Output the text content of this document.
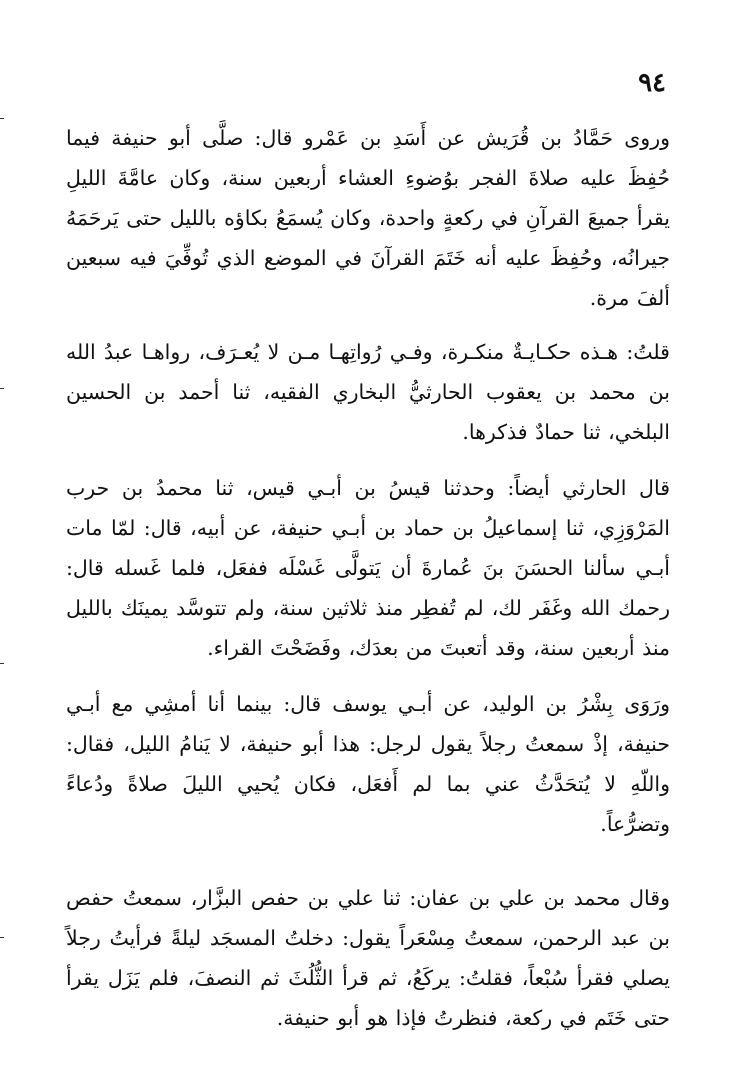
٩٤

وروى حَمَّادُ بن قُرَيش عن أَسَدِ بن عَمْرو قال: صلَّى أبو حنيفة فيما حُفِظَ عليه صلاةَ الفجر بوُضوءِ العشاء أربعين سنة، وكان عامَّةَ الليلِ يقرأ جميعَ القرآنِ في ركعةٍ واحدة، وكان يُسمَعُ بكاؤه بالليل حتى يَرحَمَهُ جيرانُه، وحُفِظَ عليه أنه خَتَمَ القرآنَ في الموضع الذي تُوفِّيَ فيه سبعين ألفَ مرة.

قلتُ: هـذه حكـايـةٌ منكـرة، وفـي رُواتِهـا مـن لا يُعـرَف، رواهـا عبدُ الله بن محمد بن يعقوب الحارثيُّ البخاري الفقيه، ثنا أحمد بن الحسين البلخي، ثنا حمادٌ فذكرها.

قال الحارثي أيضاً: وحدثنا قيسُ بن أبـي قيس، ثنا محمدُ بن حرب المَرْوَزِي، ثنا إسماعيلُ بن حماد بن أبـي حنيفة، عن أبيه، قال: لمّا مات أبـي سألنا الحسَنَ بنَ عُمارةَ أن يَتولَّى غَسْلَه ففعَل، فلما غَسله قال: رحمك الله وغَفَر لك، لم تُفطِر منذ ثلاثين سنة، ولم تتوسَّد يمينَك بالليل منذ أربعين سنة، وقد أتعبتَ من بعدَك، وفَضَحْتَ القراء.

ورَوَى بِشْرُ بن الوليد، عن أبـي يوسف قال: بينما أنا أمشِي مع أبـي حنيفة، إذْ سمعتُ رجلاً يقول لرجل: هذا أبو حنيفة، لا يَنامُ الليل، فقال: واللّهِ لا يُتحَدَّثُ عني بما لم أَفعَل، فكان يُحيي الليلَ صلاةً ودُعاءً وتضرُّعاً.

وقال محمد بن علي بن عفان: ثنا علي بن حفص البزَّار، سمعتُ حفص بن عبد الرحمن، سمعتُ مِسْعَراً يقول: دخلتُ المسجَد ليلةً فرأيتُ رجلاً يصلي فقرأ سُبْعاً، فقلتُ: يركَعُ، ثم قرأ الثُّلُثَ ثم النصفَ، فلم يَزَل يقرأ حتى خَتَم في ركعة، فنظرتُ فإذا هو أبو حنيفة.
